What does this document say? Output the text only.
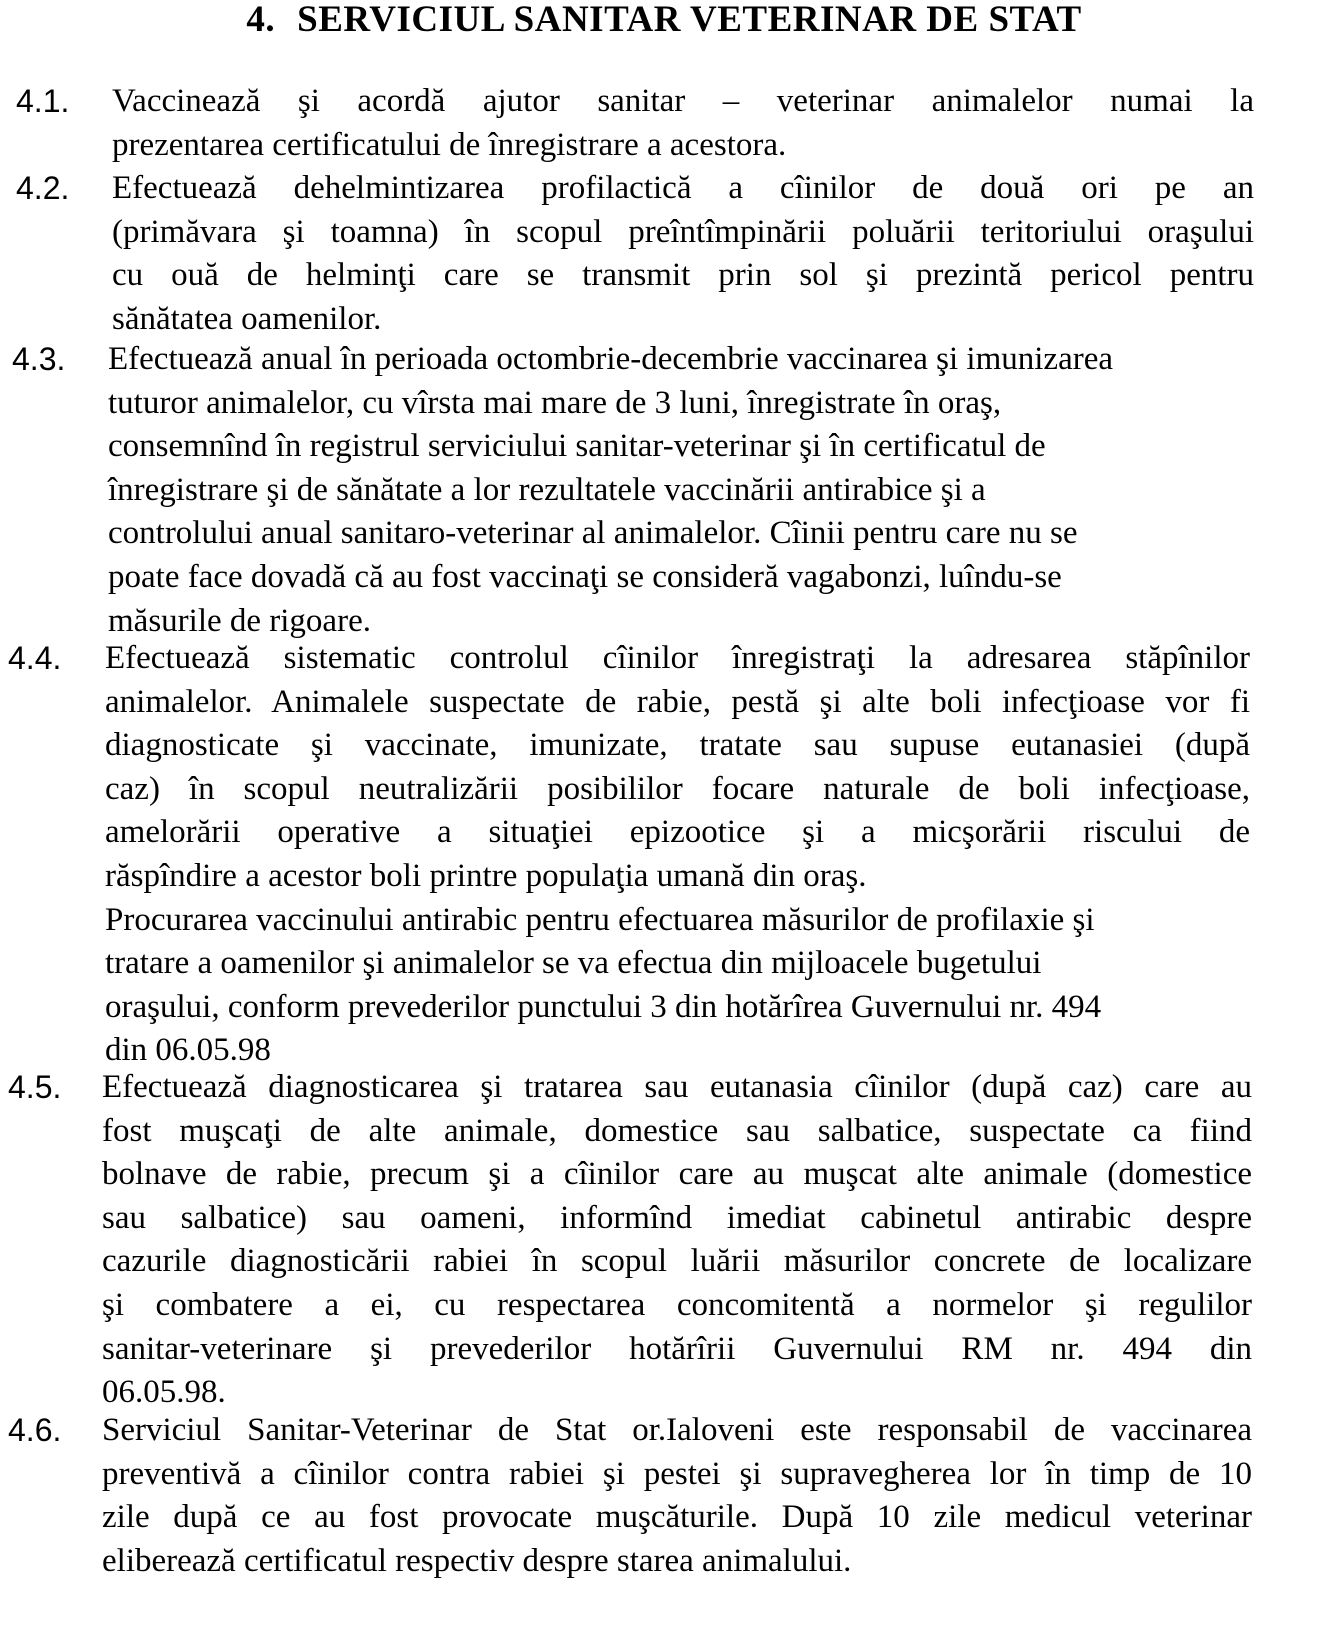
4. SERVICIUL SANITAR VETERINAR DE STAT
4.1.	Vaccinează şi acordă ajutor sanitar – veterinar animalelor numai la
prezentarea certificatului de înregistrare a acestora.
4.2.	Efectuează dehelmintizarea profilactică a cîinilor de două ori pe an
(primăvara şi toamna) în scopul preîntîmpinării poluării teritoriului oraşului
cu ouă de helminţi care se transmit prin sol şi prezintă pericol pentru
sănătatea oamenilor.
4.3.	Efectuează anual în perioada octombrie-decembrie vaccinarea şi imunizarea
tuturor animalelor, cu vîrsta mai mare de 3 luni, înregistrate în oraş,
consemnînd în registrul serviciului sanitar-veterinar şi în certificatul de
înregistrare şi de sănătate a lor rezultatele vaccinării antirabice şi a
controlului anual sanitaro-veterinar al animalelor. Cîinii pentru care nu se
poate face dovadă că au fost vaccinaţi se consideră vagabonzi, luîndu-se
măsurile de rigoare.
4.4.	Efectuează sistematic controlul cîinilor înregistraţi la adresarea stăpînilor
animalelor. Animalele suspectate de rabie, pestă şi alte boli infecţioase vor fi
diagnosticate şi vaccinate, imunizate, tratate sau supuse eutanasiei (după
caz) în scopul neutralizării posibililor focare naturale de boli infecţioase,
amelorării operative a situaţiei epizootice şi a micşorării riscului de
răspîndire a acestor boli printre populaţia umană din oraş.
Procurarea vaccinului antirabic pentru efectuarea măsurilor de profilaxie şi
tratare a oamenilor şi animalelor se va efectua din mijloacele bugetului
oraşului, conform prevederilor punctului 3 din hotărîrea Guvernului nr. 494
din 06.05.98
4.5.	Efectuează diagnosticarea şi tratarea sau eutanasia cîinilor (după caz) care au
fost muşcaţi de alte animale, domestice sau salbatice, suspectate ca fiind
bolnave de rabie, precum şi a cîinilor care au muşcat alte animale (domestice
sau salbatice) sau oameni, informînd imediat cabinetul antirabic despre
cazurile diagnosticării rabiei în scopul luării măsurilor concrete de localizare
şi combatere a ei, cu respectarea concomitentă a normelor şi regulilor
sanitar-veterinare şi prevederilor hotărîrii Guvernului RM nr. 494 din
06.05.98.
4.6.	Serviciul Sanitar-Veterinar de Stat or.Ialoveni este responsabil de vaccinarea
preventivă a cîinilor contra rabiei şi pestei şi supravegherea lor în timp de 10
zile după ce au fost provocate muşcăturile. După 10 zile medicul veterinar
eliberează certificatul respectiv despre starea animalului.
